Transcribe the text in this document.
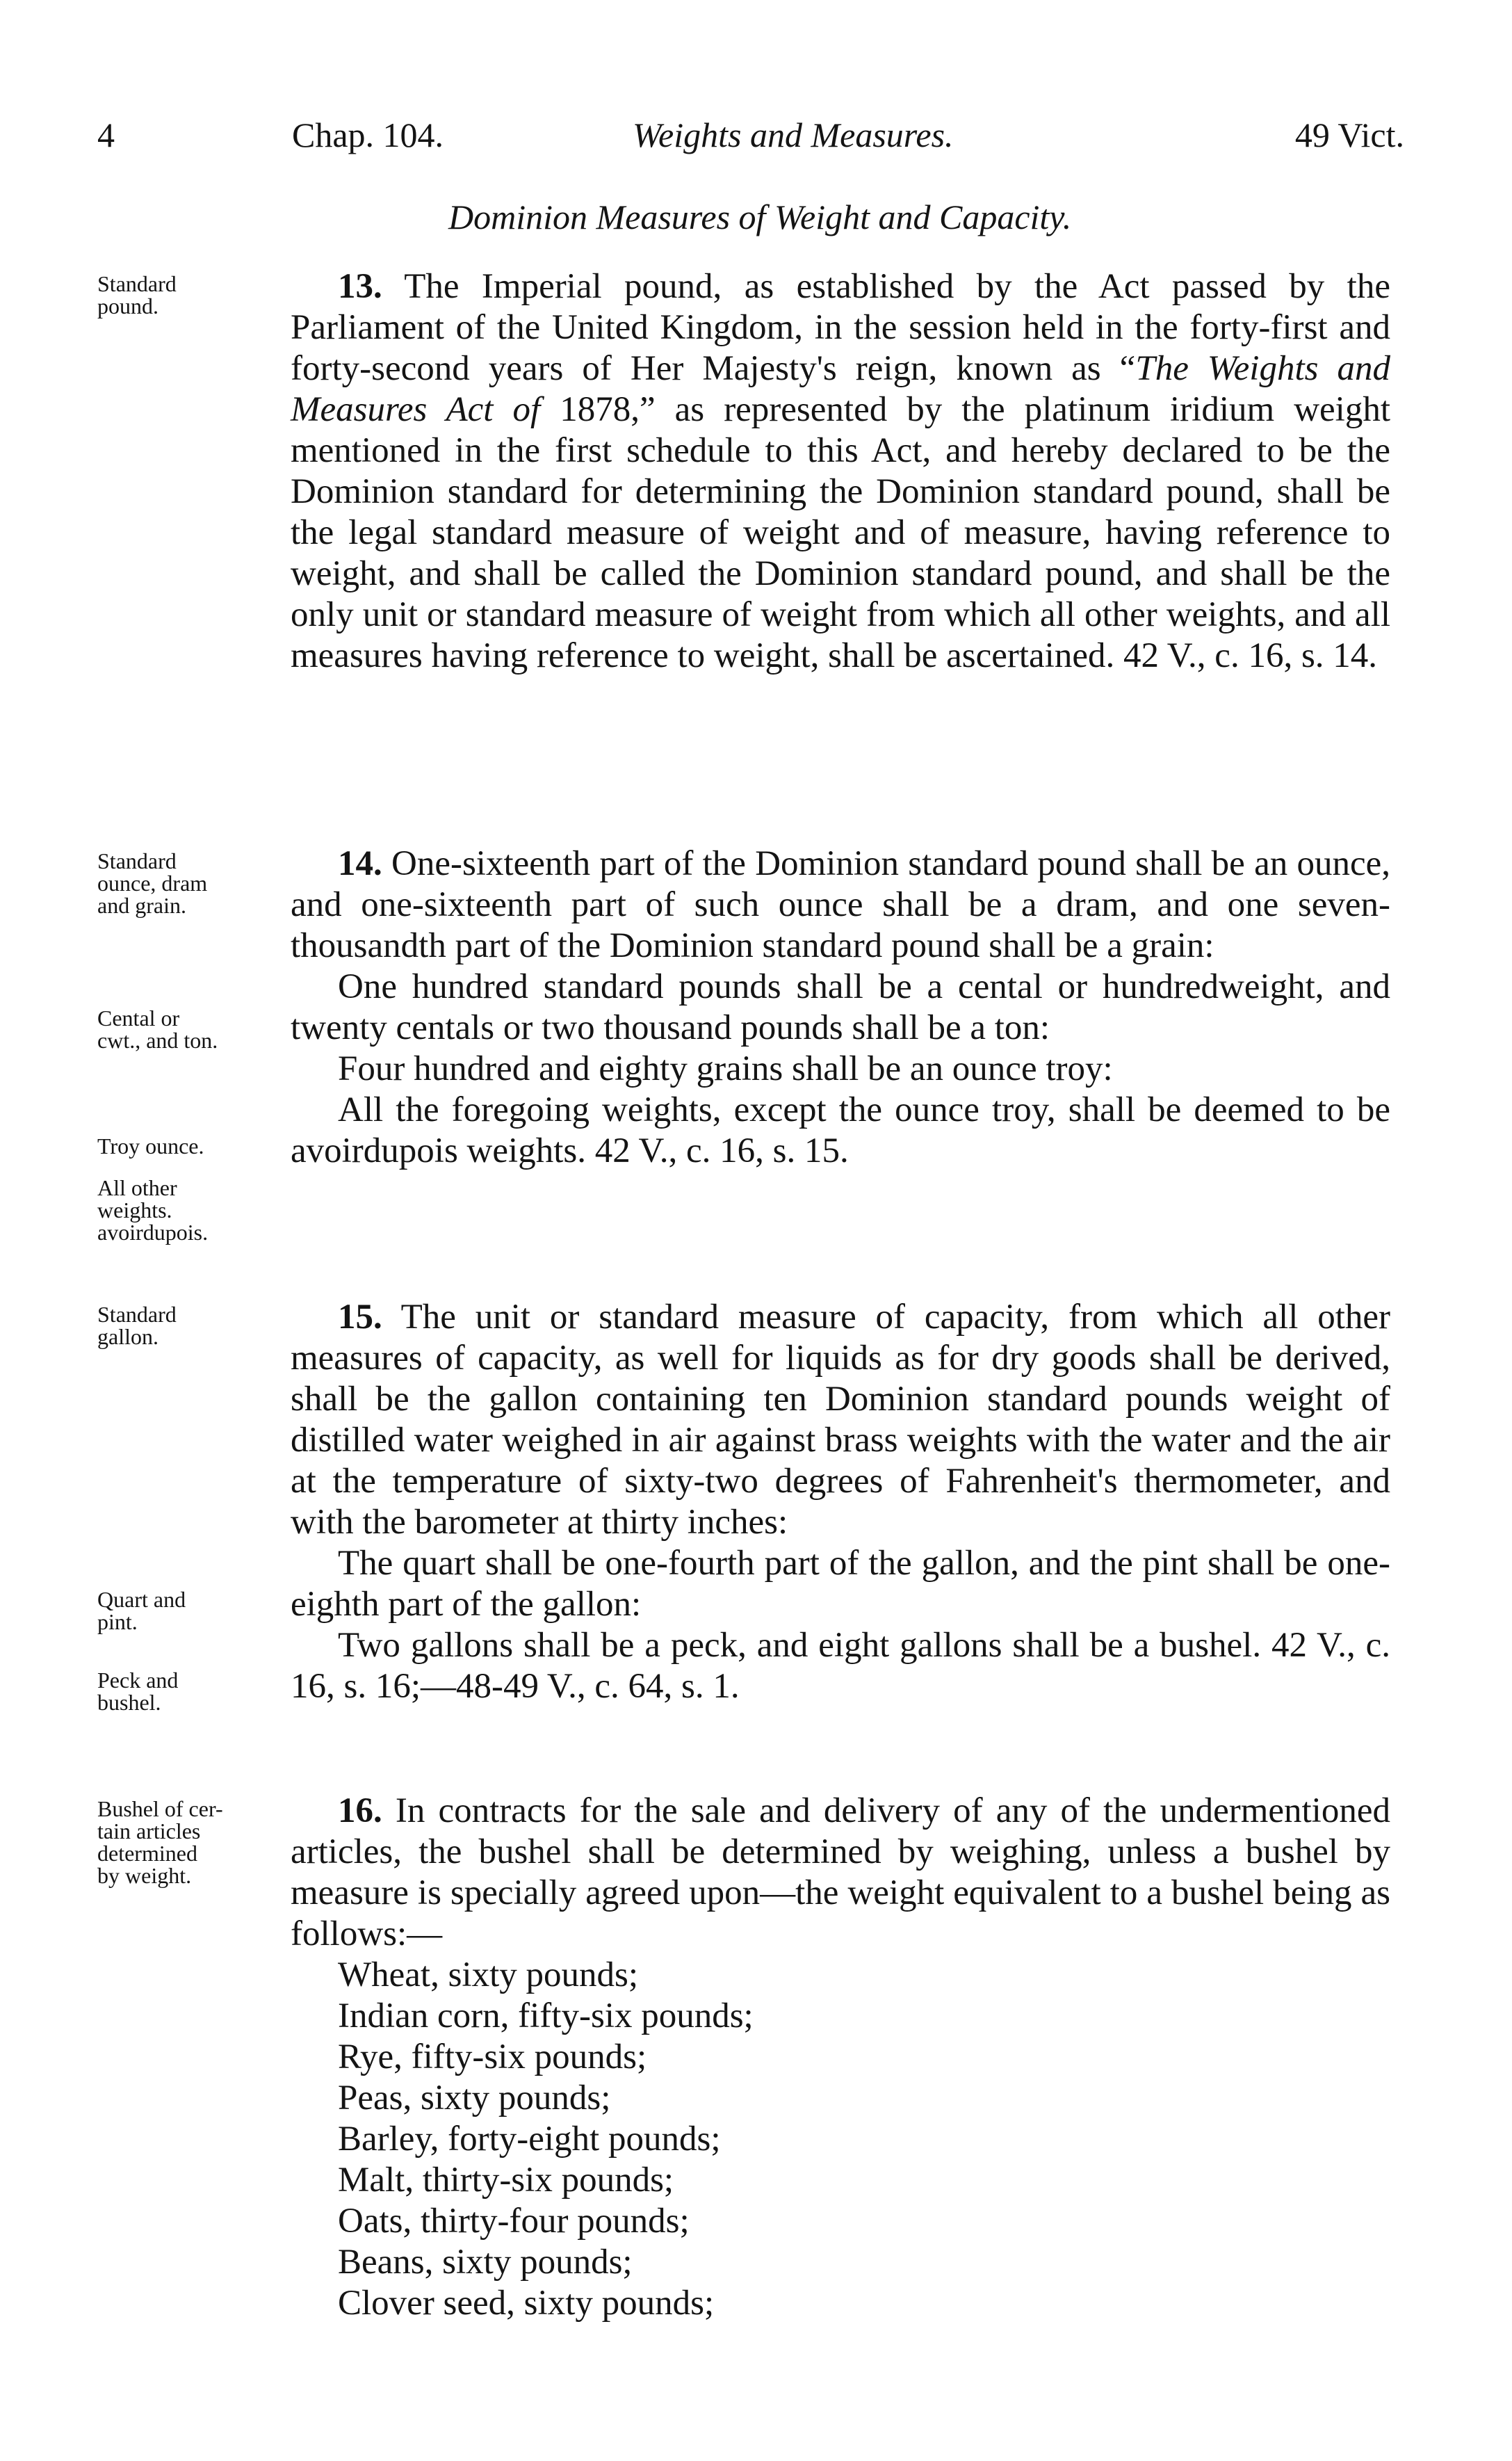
4	Chap. 104.	Weights and Measures.	49 Vict.
Dominion Measures of Weight and Capacity.

13. The Imperial pound, as established by the Act passed by the Parliament of the United Kingdom, in the session held in the forty-first and forty-second years of Her Majesty's reign, known as “The Weights and Measures Act of 1878,” as represented by the platinum iridium weight mentioned in the first schedule to this Act, and hereby declared to be the Dominion standard for determining the Dominion standard pound, shall be the legal standard measure of weight and of measure, having reference to weight, and shall be called the Dominion standard pound, and shall be the only unit or standard measure of weight from which all other weights, and all measures having reference to weight, shall be ascertained. 42 V., c. 16, s. 14.

Standard
pound.

14. One-sixteenth part of the Dominion standard pound shall be an ounce, and one-sixteenth part of such ounce shall be a dram, and one seven-thousandth part of the Dominion standard pound shall be a grain:

One hundred standard pounds shall be a cental or hundredweight, and twenty centals or two thousand pounds shall be a ton:

Four hundred and eighty grains shall be an ounce troy:

All the foregoing weights, except the ounce troy, shall be deemed to be avoirdupois weights. 42 V., c. 16, s. 15.

Standard
ounce, dram
and grain.
Cental or
cwt., and ton.
Troy ounce.
All other
weights.
avoirdupois.

15. The unit or standard measure of capacity, from which all other measures of capacity, as well for liquids as for dry goods shall be derived, shall be the gallon containing ten Dominion standard pounds weight of distilled water weighed in air against brass weights with the water and the air at the temperature of sixty-two degrees of Fahrenheit's thermometer, and with the barometer at thirty inches:

The quart shall be one-fourth part of the gallon, and the pint shall be one-eighth part of the gallon:

Two gallons shall be a peck, and eight gallons shall be a bushel. 42 V., c. 16, s. 16;—48-49 V., c. 64, s. 1.

Standard
gallon.
Quart and
pint.
Peck and
bushel.

16. In contracts for the sale and delivery of any of the undermentioned articles, the bushel shall be determined by weighing, unless a bushel by measure is specially agreed upon—the weight equivalent to a bushel being as follows:—

Wheat, sixty pounds;
Indian corn, fifty-six pounds;
Rye, fifty-six pounds;
Peas, sixty pounds;
Barley, forty-eight pounds;
Malt, thirty-six pounds;
Oats, thirty-four pounds;
Beans, sixty pounds;
Clover seed, sixty pounds;
Bushel of cer-
tain articles
determined
by weight.
